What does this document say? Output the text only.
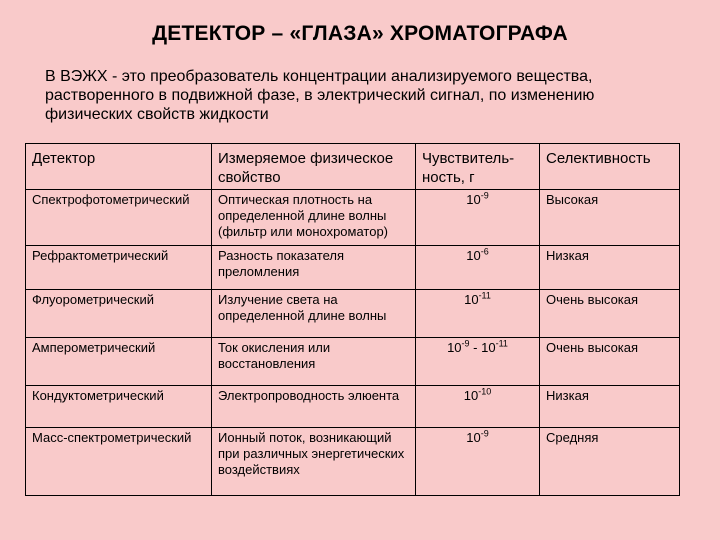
ДЕТЕКТОР – «ГЛАЗА» ХРОМАТОГРАФА
В ВЭЖХ - это преобразователь концентрации анализируемого вещества, растворенного в подвижной фазе, в электрический сигнал, по изменению физических свойств жидкости
Детектор	Измеряемое физическое свойство	Чувствитель-ность, г	Селективность
Спектрофотометрический	Оптическая плотность на определенной длине волны (фильтр или монохроматор)	$10^{-9}$	Высокая
Рефрактометрический	Разность показателя преломления	$10^{-6}$	Низкая
Флуорометрический	Излучение света на определенной длине волны	$10^{-11}$	Очень высокая
Амперометрический	Ток окисления или восстановления	$10^{-9} - 10^{-11}$	Очень высокая
Кондуктометрический	Электропроводность элюента	$10^{-10}$	Низкая
Масс-спектрометрический	Ионный поток, возникающий при различных энергетических воздействиях	$10^{-9}$	Средняя
